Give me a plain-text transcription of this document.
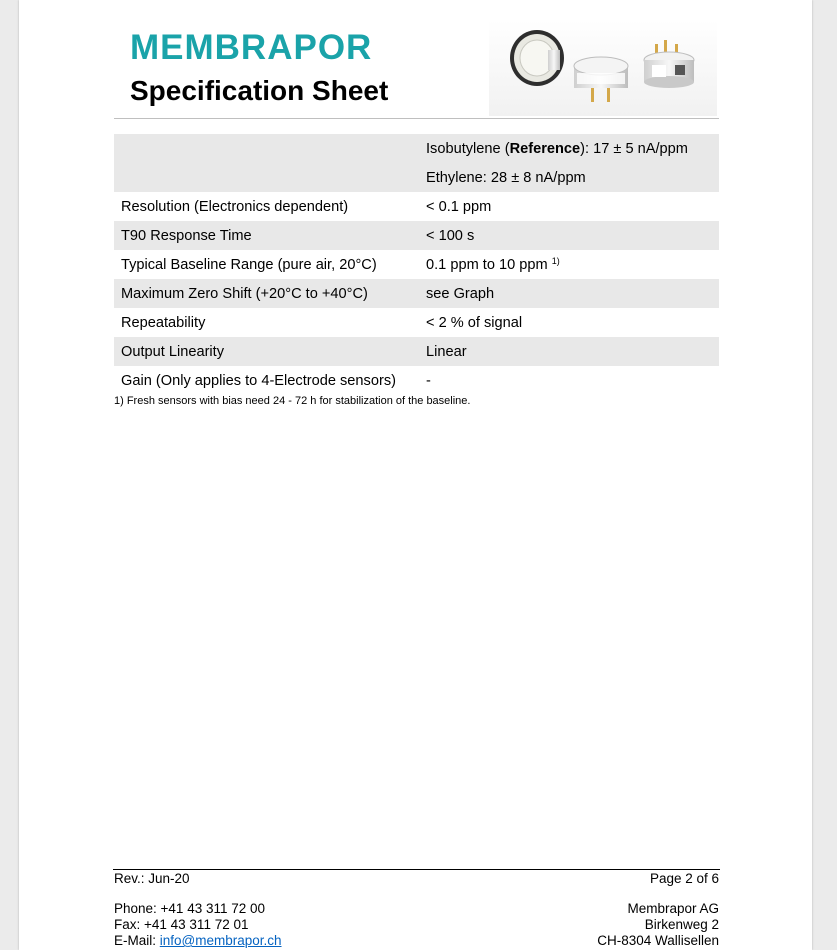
MEMBRAPOR
Specification Sheet
	Isobutylene (Reference): 17 ± 5 nA/ppm
	Ethylene: 28 ± 8 nA/ppm
Resolution (Electronics dependent)	< 0.1 ppm
T90 Response Time	< 100 s
Typical Baseline Range (pure air, 20°C)	0.1 ppm to 10 ppm $^{1)}$
Maximum Zero Shift (+20°C to +40°C)	see Graph
Repeatability	< 2 % of signal
Output Linearity	Linear
Gain (Only applies to 4-Electrode sensors)	-
1) Fresh sensors with bias need 24 - 72 h for stabilization of the baseline.
Rev.: Jun-20	Page 2 of 6
Phone: +41 43 311 72 00
Fax: +41 43 311 72 01
E-Mail: info@membrapor.ch
Membrapor AG
Birkenweg 2
CH-8304 Wallisellen
